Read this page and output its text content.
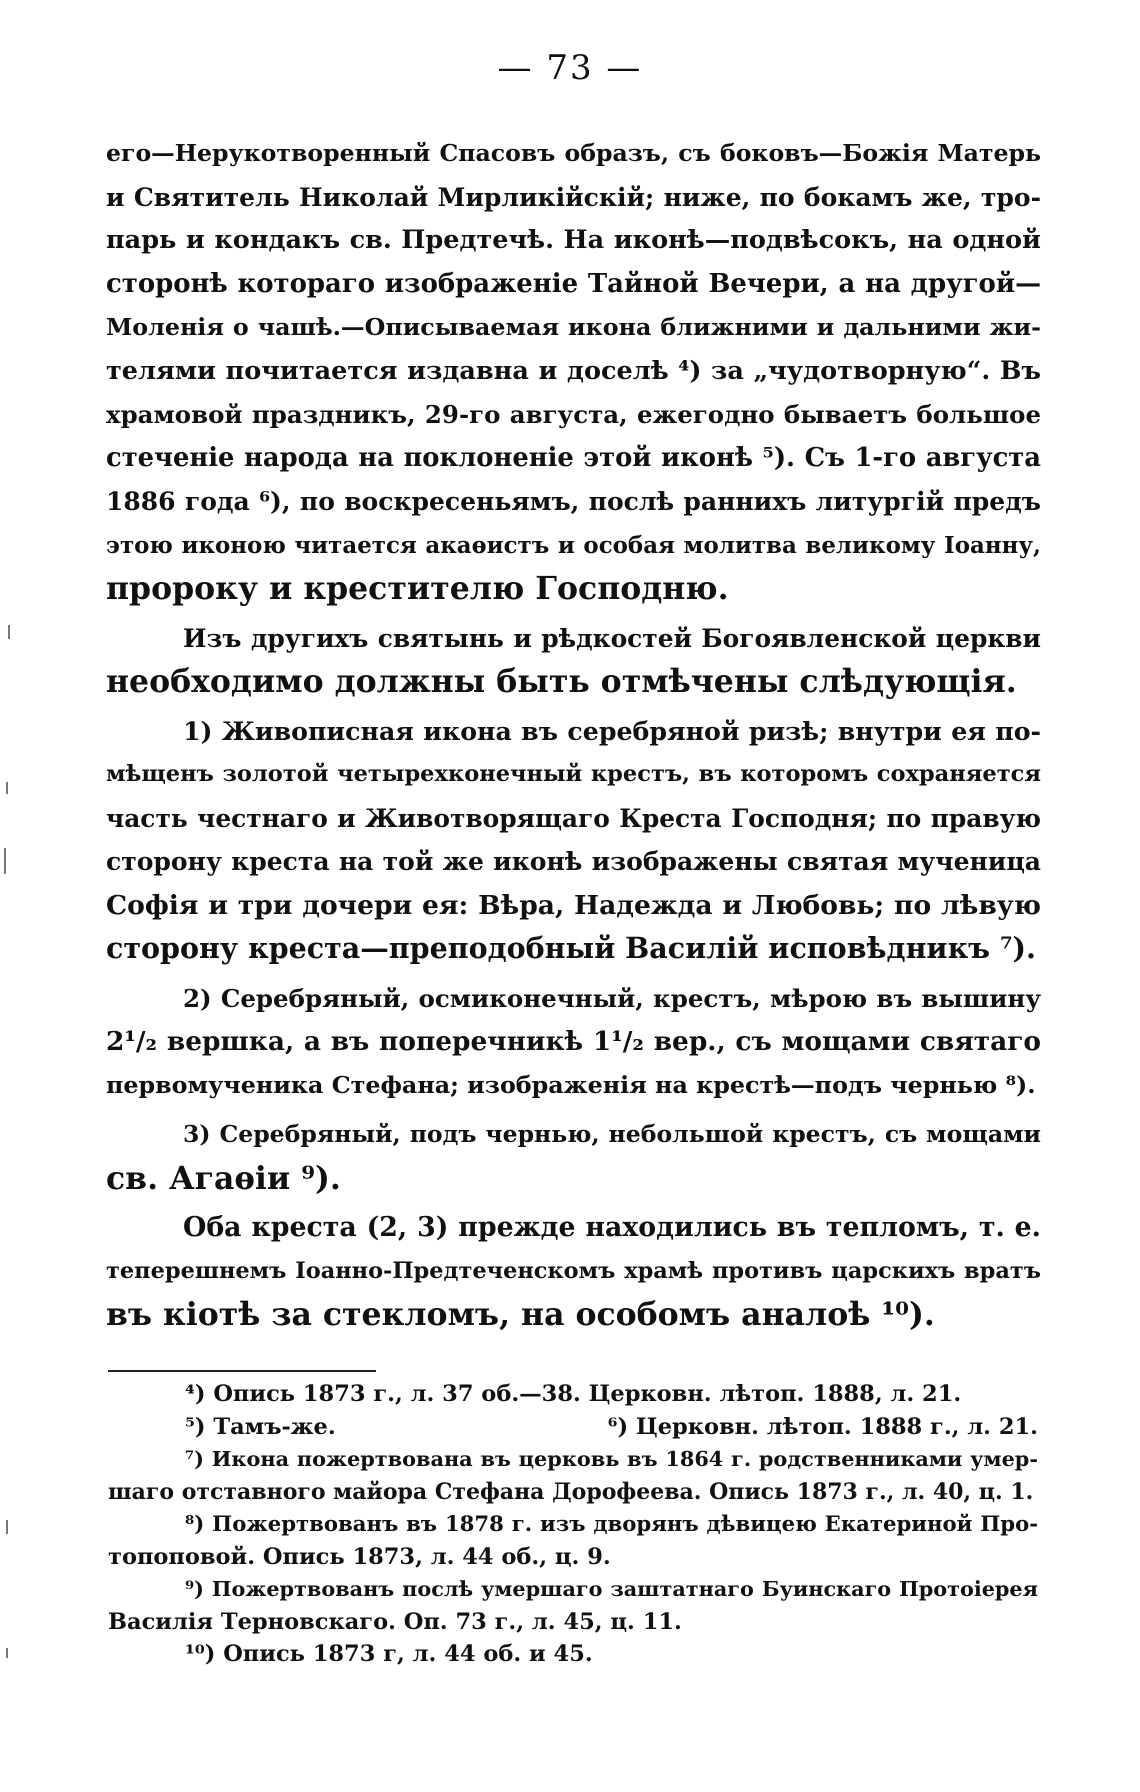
— 73 —
его—Нерукотворенный Спасовъ образъ, съ боковъ—Божія Матерь
и Святитель Николай Мирликійскій; ниже, по бокамъ же, тро-
парь и кондакъ св. Предтечѣ. На иконѣ—подвѣсокъ, на одной
сторонѣ котораго изображеніе Тайной Вечери, а на другой—
Моленія о чашѣ.—Описываемая икона ближними и дальними жи-
телями почитается издавна и доселѣ ⁴) за „чудотворную“. Въ
храмовой праздникъ, 29-го августа, ежегодно бываетъ большое
стеченіе народа на поклоненіе этой иконѣ ⁵). Съ 1-го августа
1886 года ⁶), по воскресеньямъ, послѣ раннихъ литургій предъ
этою иконою читается акаѳистъ и особая молитва великому Іоанну,
пророку и крестителю Господню.
Изъ другихъ святынь и рѣдкостей Богоявленской церкви
необходимо должны быть отмѣчены слѣдующія.
1) Живописная икона въ серебряной ризѣ; внутри ея по-
мѣщенъ золотой четырехконечный крестъ, въ которомъ сохраняется
часть честнаго и Животворящаго Креста Господня; по правую
сторону креста на той же иконѣ изображены святая мученица
Софія и три дочери ея: Вѣра, Надежда и Любовь; по лѣвую
сторону креста—преподобный Василій исповѣдникъ ⁷).
2) Серебряный, осмиконечный, крестъ, мѣрою въ вышину
2¹/₂ вершка, а въ поперечникѣ 1¹/₂ вер., съ мощами святаго
первомученика Стефана; изображенія на крестѣ—подъ чернью ⁸).
3) Серебряный, подъ чернью, небольшой крестъ, съ мощами
св. Агаѳіи ⁹).
Оба креста (2, 3) прежде находились въ тепломъ, т. е.
теперешнемъ Іоанно-Предтеченскомъ храмѣ противъ царскихъ вратъ
въ кіотѣ за стекломъ, на особомъ аналоѣ ¹⁰).
⁴) Опись 1873 г., л. 37 об.—38. Церковн. лѣтоп. 1888, л. 21.
⁵) Тамъ-же.	⁶) Церковн. лѣтоп. 1888 г., л. 21.
⁷) Икона пожертвована въ церковь въ 1864 г. родственниками умер-
шаго отставного майора Стефана Дорофеева. Опись 1873 г., л. 40, ц. 1.
⁸) Пожертвованъ въ 1878 г. изъ дворянъ дѣвицею Екатериной Про-
топоповой. Опись 1873, л. 44 об., ц. 9.
⁹) Пожертвованъ послѣ умершаго заштатнаго Буинскаго Протоіерея
Василія Терновскаго. Оп. 73 г., л. 45, ц. 11.
¹⁰) Опись 1873 г, л. 44 об. и 45.
